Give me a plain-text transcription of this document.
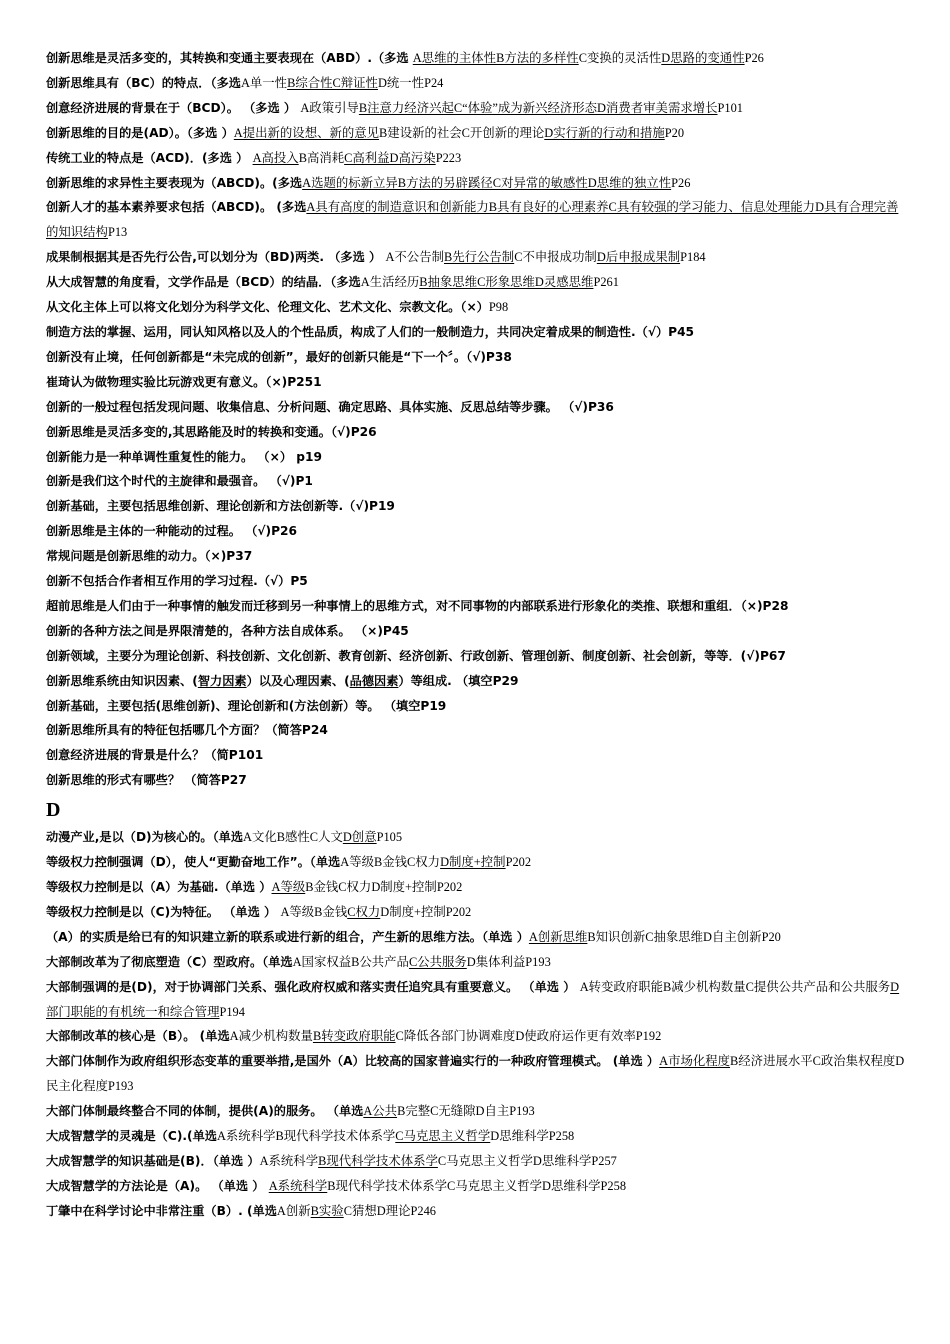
创新思维是灵活多变的，其转换和变通主要表现在（ABD）.（多选 A思维的主体性B方法的多样性C变换的灵活性D思路的变通性P26

创新思维具有（BC）的特点．（多选A单一性B综合性C辩证性D统一性P24

创意经济进展的背景在于（BCD）。 （多选 ） A政策引导B注意力经济兴起C“体验”成为新兴经济形态D消费者审美需求增长P101

创新思维的目的是(AD）。（多选 ）A提出新的设想、新的意见B建设新的社会C开创新的理论D实行新的行动和措施P20

传统工业的特点是（ACD)．(多选 ） A高投入B高消耗C高利益D高污染P223

创新思维的求异性主要表现为（ABCD)。(多选A选题的标新立异B方法的另辟蹊径C对异常的敏感性D思维的独立性P26

创新人才的基本素养要求包括（ABCD)。 (多选A具有高度的制造意识和创新能力B具有良好的心理素养C具有较强的学习能力、信息处理能力D具有合理完善的知识结构P13

成果制根据其是否先行公告,可以划分为（BD)两类. （多选 ） A不公告制B先行公告制C不申报成功制D后申报成果制P184

从大成智慧的角度看，文学作品是（BCD）的结晶．（多选A生活经历B抽象思维C形象思维D灵感思维P261

从文化主体上可以将文化划分为科学文化、伦理文化、艺术文化、宗教文化。（×）P98

制造方法的掌握、运用，同认知风格以及人的个性品质，构成了人们的一般制造力，共同决定着成果的制造性.（√）P45

创新没有止境，任何创新都是“未完成的创新”，最好的创新只能是“下一个〞。（√)P38

崔琦认为做物理实验比玩游戏更有意义。（×)P251

创新的一般过程包括发现问题、收集信息、分析问题、确定思路、具体实施、反思总结等步骤。 （√)P36

创新思维是灵活多变的,其思路能及时的转换和变通。（√)P26

创新能力是一种单调性重复性的能力。 （×） p19

创新是我们这个时代的主旋律和最强音。 （√)P1

创新基础，主要包括思维创新、理论创新和方法创新等.（√)P19

创新思维是主体的一种能动的过程。 （√)P26

常规问题是创新思维的动力。（×)P37

创新不包括合作者相互作用的学习过程.（√）P5

超前思维是人们由于一种事情的触发而迁移到另一种事情上的思维方式，对不同事物的内部联系进行形象化的类推、联想和重组．（×)P28

创新的各种方法之间是界限清楚的，各种方法自成体系。 （×)P45

创新领域，主要分为理论创新、科技创新、文化创新、教育创新、经济创新、行政创新、管理创新、制度创新、社会创新，等等．(√)P67

创新思维系统由知识因素、(智力因素）以及心理因素、(品德因素）等组成. （填空P29

创新基础，主要包括(思维创新)、理论创新和(方法创新）等。 （填空P19

创新思维所具有的特征包括哪几个方面？（简答P24

创意经济进展的背景是什么？（简P101

创新思维的形式有哪些？ （简答P27

D

动漫产业,是以（D)为核心的。（单选A文化B感性C人文D创意P105

等级权力控制强调（D），使人“更勤奋地工作”。（单选A等级B金钱C权力D制度+控制P202

等级权力控制是以（A）为基础.（单选 ）A等级B金钱C权力D制度+控制P202

等级权力控制是以（C)为特征。 （单选 ） A等级B金钱C权力D制度+控制P202

（A）的实质是给已有的知识建立新的联系或进行新的组合，产生新的思维方法。（单选 ）A创新思维B知识创新C抽象思维D自主创新P20

大部制改革为了彻底塑造（C）型政府。（单选A国家权益B公共产品C公共服务D集体利益P193

大部制强调的是(D)，对于协调部门关系、强化政府权威和落实责任追究具有重要意义。 （单选 ） A转变政府职能B减少机构数量C提供公共产品和公共服务D部门职能的有机统一和综合管理P194

大部制改革的核心是（B）。 (单选A减少机构数量B转变政府职能C降低各部门协调难度D使政府运作更有效率P192

大部门体制作为政府组织形态变革的重要举措,是国外（A）比较高的国家普遍实行的一种政府管理模式。 (单选 ）A市场化程度B经济进展水平C政治集权程度D民主化程度P193

大部门体制最终整合不同的体制，提供(A)的服务。 （单选A公共B完整C无缝隙D自主P193

大成智慧学的灵魂是（C).(单选A系统科学B现代科学技术体系学C马克思主义哲学D思维科学P258

大成智慧学的知识基础是(B)．（单选 ）A系统科学B现代科学技术体系学C马克思主义哲学D思维科学P257

大成智慧学的方法论是（A)。 （单选 ） A系统科学B现代科学技术体系学C马克思主义哲学D思维科学P258

丁肇中在科学讨论中非常注重（B）. (单选A创新B实验C猜想D理论P246
